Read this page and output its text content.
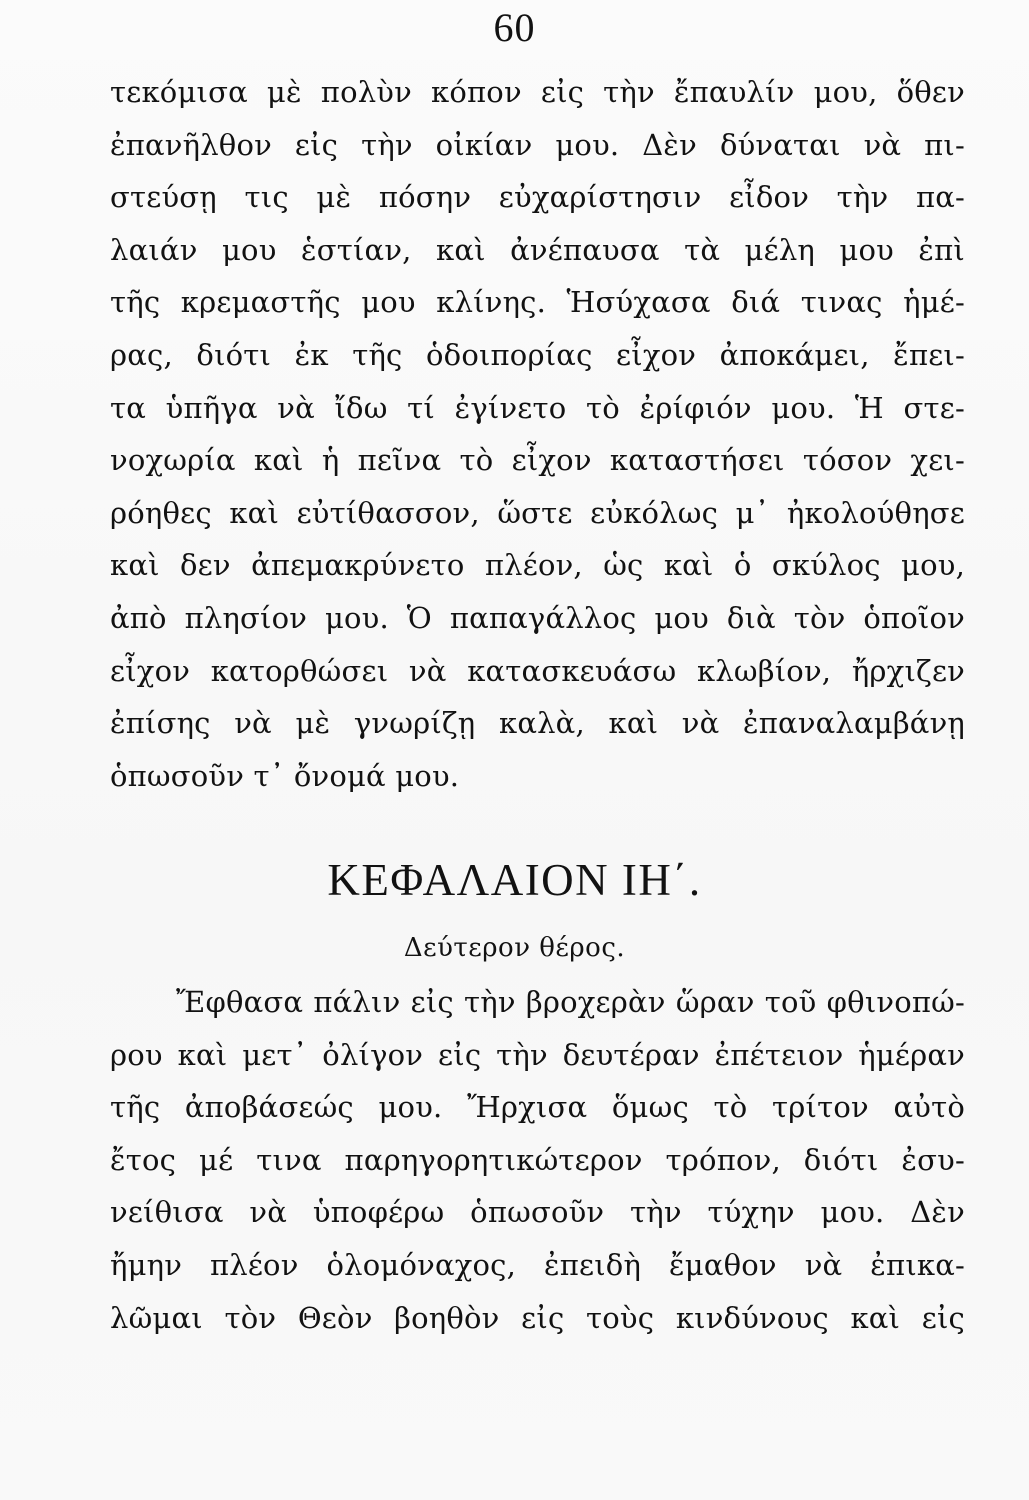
60
τεκόμισα μὲ πολὺν κόπον εἰς τὴν ἔπαυλίν μου, ὅθεν
ἐπανῆλθον εἰς τὴν οἰκίαν μου. Δὲν δύναται νὰ πι-
στεύσῃ τις μὲ πόσην εὐχαρίστησιν εἶδον τὴν πα-
λαιάν μου ἑστίαν, καὶ ἀνέπαυσα τὰ μέλη μου ἐπὶ
τῆς κρεμαστῆς μου κλίνης. Ἡσύχασα διά τινας ἡμέ-
ρας, διότι ἐκ τῆς ὁδοιπορίας εἶχον ἀποκάμει, ἔπει-
τα ὑπῆγα νὰ ἴδω τί ἐγίνετο τὸ ἐρίφιόν μου. Ἡ στε-
νοχωρία καὶ ἡ πεῖνα τὸ εἶχον καταστήσει τόσον χει-
ρόηθες καὶ εὐτίθασσον, ὥστε εὐκόλως μ᾽ ἠκολούθησε
καὶ δεν ἀπεμακρύνετο πλέον, ὡς καὶ ὁ σκύλος μου,
ἀπὸ πλησίον μου. Ὁ παπαγάλλος μου διὰ τὸν ὁποῖον
εἶχον κατορθώσει νὰ κατασκευάσω κλωβίον, ἤρχιζεν
ἐπίσης νὰ μὲ γνωρίζῃ καλὰ, καὶ νὰ ἐπαναλαμβάνῃ
ὁπωσοῦν τ᾽ ὄνομά μου.
ΚΕΦΑΛΑΙΟΝ ΙΗ΄.
Δεύτερον θέρος.
Ἔφθασα πάλιν εἰς τὴν βροχερὰν ὥραν τοῦ φθινοπώ-
ρου καὶ μετ᾽ ὀλίγον εἰς τὴν δευτέραν ἐπέτειον ἡμέραν
τῆς ἀποβάσεώς μου. Ἤρχισα ὅμως τὸ τρίτον αὐτὸ
ἔτος μέ τινα παρηγορητικώτερον τρόπον, διότι ἐσυ-
νείθισα νὰ ὑποφέρω ὁπωσοῦν τὴν τύχην μου. Δὲν
ἤμην πλέον ὁλομόναχος, ἐπειδὴ ἔμαθον νὰ ἐπικα-
λῶμαι τὸν Θεὸν βοηθὸν εἰς τοὺς κινδύνους καὶ εἰς
